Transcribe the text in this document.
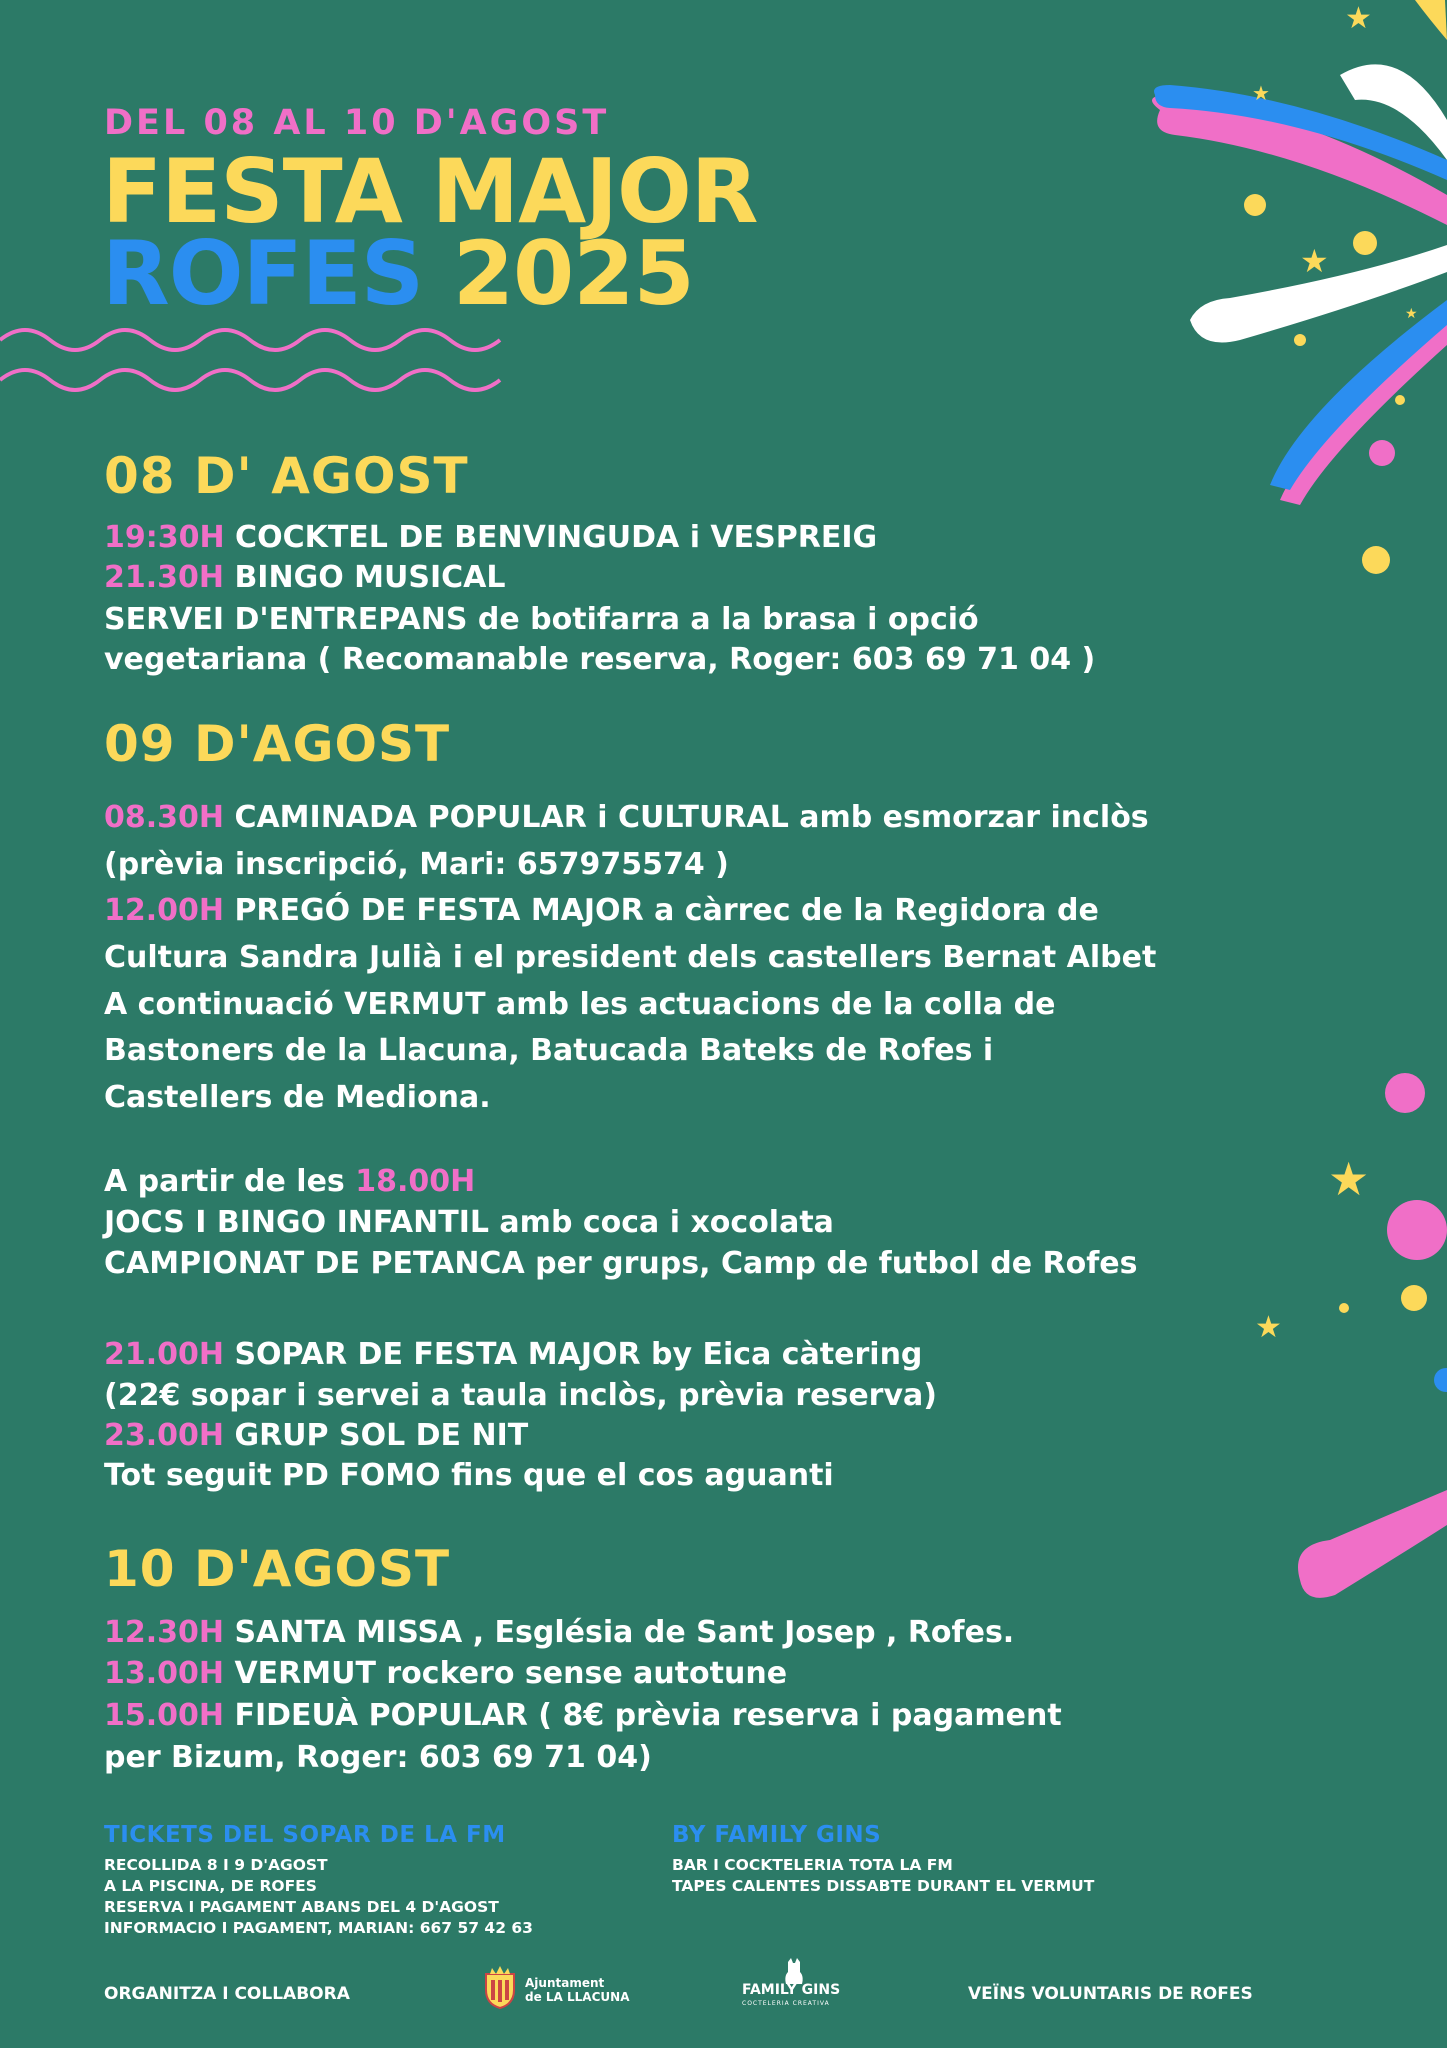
★
★
★
★
★
★
DEL 08 AL 10 D'AGOST
FESTA MAJOR
ROFES 2025
08 D' AGOST
19:30H COCKTEL DE BENVINGUDA i VESPREIG
21.30H BINGO MUSICAL
SERVEI D'ENTREPANS de botifarra a la brasa i opció
vegetariana ( Recomanable reserva, Roger: 603 69 71 04 )
09 D'AGOST
08.30H CAMINADA POPULAR i CULTURAL amb esmorzar inclòs
(prèvia inscripció, Mari: 657975574 )
12.00H PREGÓ DE FESTA MAJOR a càrrec de la Regidora de
Cultura Sandra Julià i el president dels castellers Bernat Albet
A continuació VERMUT amb les actuacions de la colla de
Bastoners de la Llacuna, Batucada Bateks de Rofes i
Castellers de Mediona.
A partir de les 18.00H
JOCS I BINGO INFANTIL amb coca i xocolata
CAMPIONAT DE PETANCA per grups, Camp de futbol de Rofes
21.00H SOPAR DE FESTA MAJOR by Eica càtering
(22€ sopar i servei a taula inclòs, prèvia reserva)
23.00H GRUP SOL DE NIT
Tot seguit PD FOMO fins que el cos aguanti
10 D'AGOST
12.30H SANTA MISSA , Església de Sant Josep , Rofes.
13.00H VERMUT rockero sense autotune
15.00H FIDEUÀ POPULAR ( 8€ prèvia reserva i pagament
per Bizum, Roger: 603 69 71 04)
TICKETS DEL SOPAR DE LA FM
RECOLLIDA 8 I 9 D'AGOST
A LA PISCINA, DE ROFES
RESERVA I PAGAMENT ABANS DEL 4 D'AGOST
INFORMACIO I PAGAMENT, MARIAN: 667 57 42 63
BY FAMILY GINS
BAR I COCKTELERIA TOTA LA FM
TAPES CALENTES DISSABTE DURANT EL VERMUT
ORGANITZA I COLLABORA
Ajuntament
de LA LLACUNA	FAMILY GINS
COCTELERIA CREATIVA	VEÏNS VOLUNTARIS DE ROFES
